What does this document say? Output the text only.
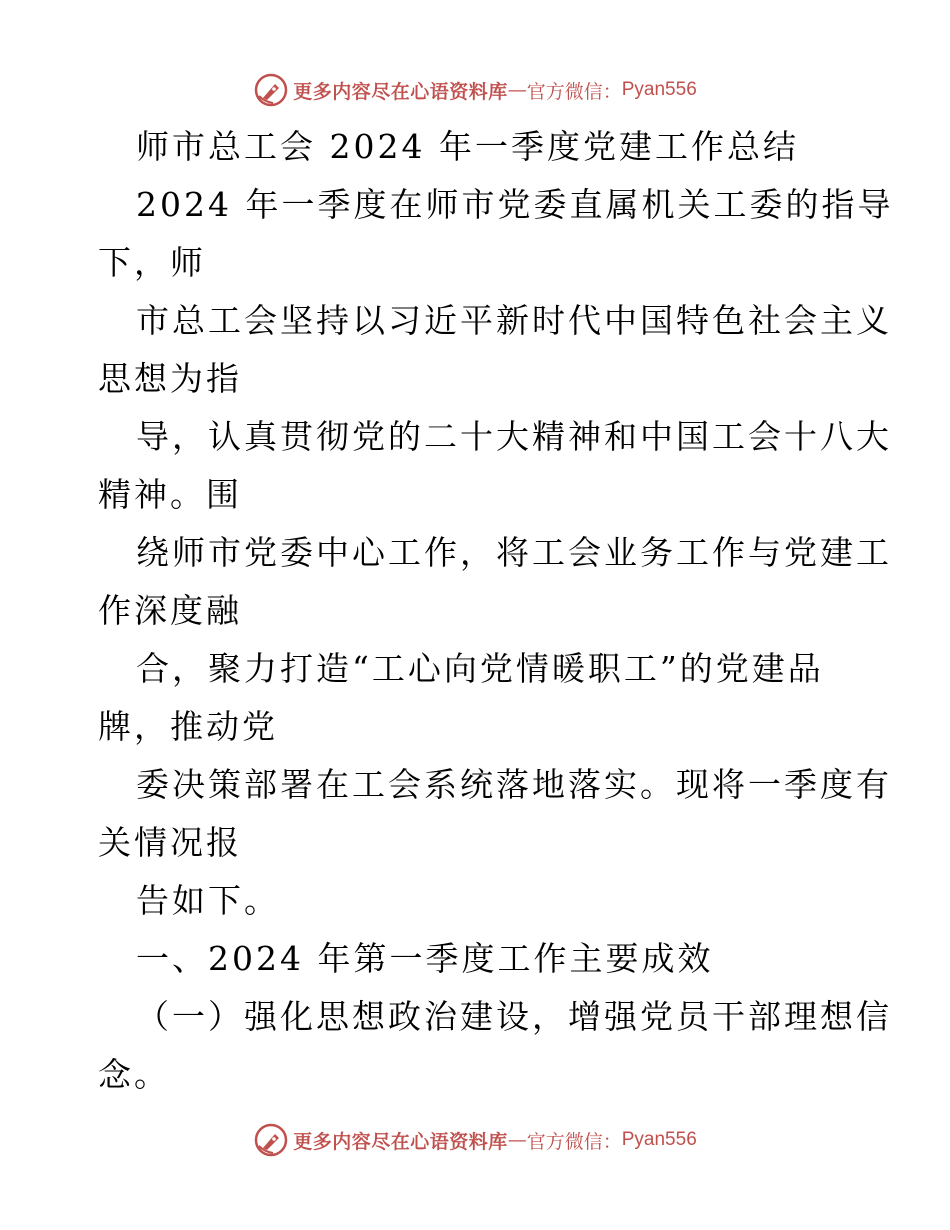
更多内容尽在心语资料库 — 官方微信： Pyan556
师市总工会 2024 年一季度党建工作总结
2024 年一季度在师市党委直属机关工委的指导
下，师
市总工会坚持以习近平新时代中国特色社会主义
思想为指
导，认真贯彻党的二十大精神和中国工会十八大
精神。围
绕师市党委中心工作，将工会业务工作与党建工
作深度融
合，聚力打造“工心向党情暖职工”的党建品
牌，推动党
委决策部署在工会系统落地落实。现将一季度有
关情况报
告如下。
一、2024 年第一季度工作主要成效
（一）强化思想政治建设，增强党员干部理想信
念。
更多内容尽在心语资料库 — 官方微信： Pyan556
